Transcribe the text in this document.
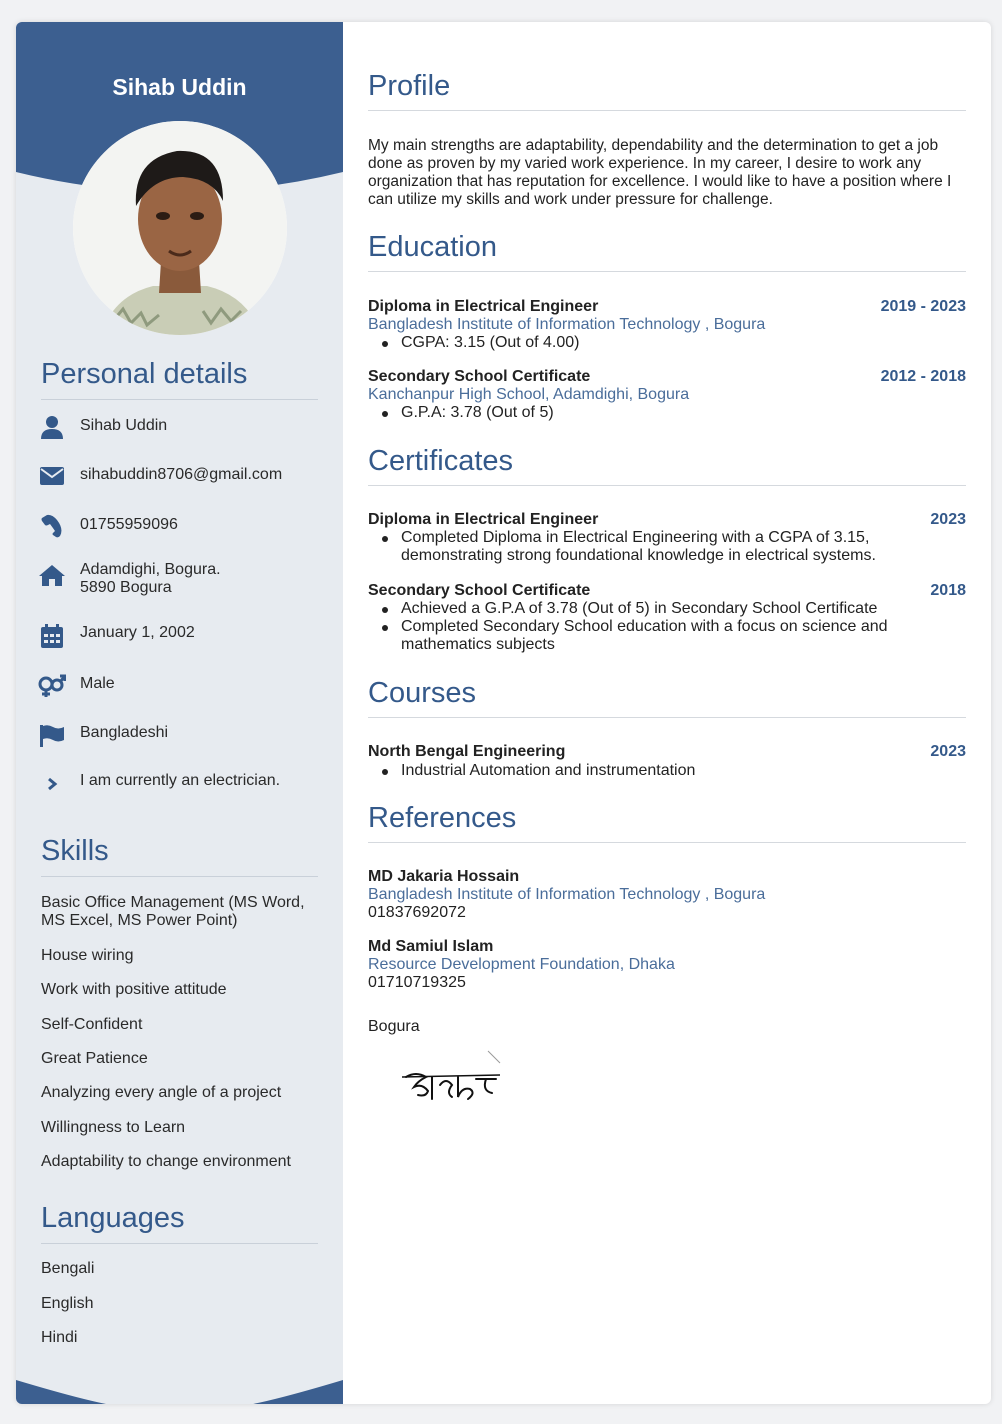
Sihab Uddin
Personal details
Sihab Uddin
sihabuddin8706@gmail.com
01755959096
Adamdighi, Bogura.
5890 Bogura
January 1, 2002
Male
Bangladeshi
I am currently an electrician.
Skills
Basic Office Management (MS Word, MS Excel, MS Power Point)
House wiring
Work with positive attitude
Self-Confident
Great Patience
Analyzing every angle of a project
Willingness to Learn
Adaptability to change environment
Languages
Bengali
English
Hindi
Profile
My main strengths are adaptability, dependability and the determination to get a job done as proven by my varied work experience. In my career, I desire to work any organization that has reputation for excellence. I would like to have a position where I can utilize my skills and work under pressure for challenge.
Education
Diploma in Electrical Engineer	2019 - 2023
Bangladesh Institute of Information Technology , Bogura
CGPA: 3.15 (Out of 4.00)
Secondary School Certificate	2012 - 2018
Kanchanpur High School, Adamdighi, Bogura
G.P.A: 3.78 (Out of 5)
Certificates
Diploma in Electrical Engineer	2023
Completed Diploma in Electrical Engineering with a CGPA of 3.15, demonstrating strong foundational knowledge in electrical systems.
Secondary School Certificate	2018
Achieved a G.P.A of 3.78 (Out of 5) in Secondary School Certificate
Completed Secondary School education with a focus on science and mathematics subjects
Courses
North Bengal Engineering	2023
Industrial Automation and instrumentation
References
MD Jakaria Hossain
Bangladesh Institute of Information Technology , Bogura
01837692072
Md Samiul Islam
Resource Development Foundation, Dhaka
01710719325
Bogura
